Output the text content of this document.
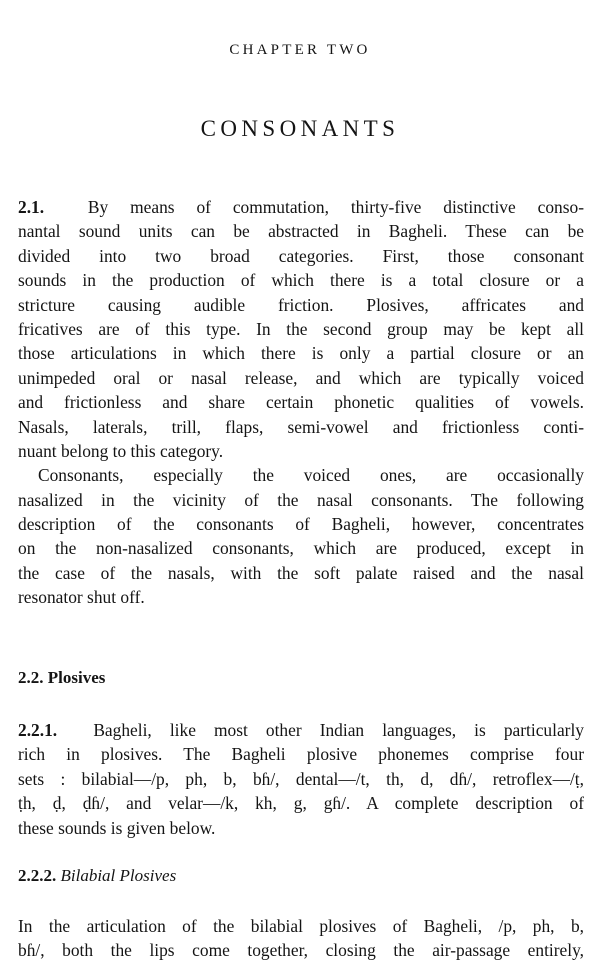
CHAPTER TWO
CONSONANTS
2.1.	By means of commutation, thirty-five distinctive conso-
nantal sound units can be abstracted in Bagheli. These can be
divided into two broad categories. First, those consonant
sounds in the production of which there is a total closure or a
stricture causing audible friction. Plosives, affricates and
fricatives are of this type. In the second group may be kept all
those articulations in which there is only a partial closure or an
unimpeded oral or nasal release, and which are typically voiced
and frictionless and share certain phonetic qualities of vowels.
Nasals, laterals, trill, flaps, semi-vowel and frictionless conti-
nuant belong to this category.
Consonants, especially the voiced ones, are occasionally
nasalized in the vicinity of the nasal consonants. The following
description of the consonants of Bagheli, however, concentrates
on the non-nasalized consonants, which are produced, except in
the case of the nasals, with the soft palate raised and the nasal
resonator shut off.
2.2. Plosives
2.2.1. Bagheli, like most other Indian languages, is particularly
rich in plosives. The Bagheli plosive phonemes comprise four
sets : bilabial—/p, ph, b, bɦ/, dental—/t, th, d, dɦ/, retroflex—/ṭ,
ṭh, ḍ, ḍɦ/, and velar—/k, kh, g, gɦ/. A complete description of
these sounds is given below.
2.2.2. Bilabial Plosives
In the articulation of the bilabial plosives of Bagheli, /p, ph, b,
bɦ/, both the lips come together, closing the air-passage entirely,
